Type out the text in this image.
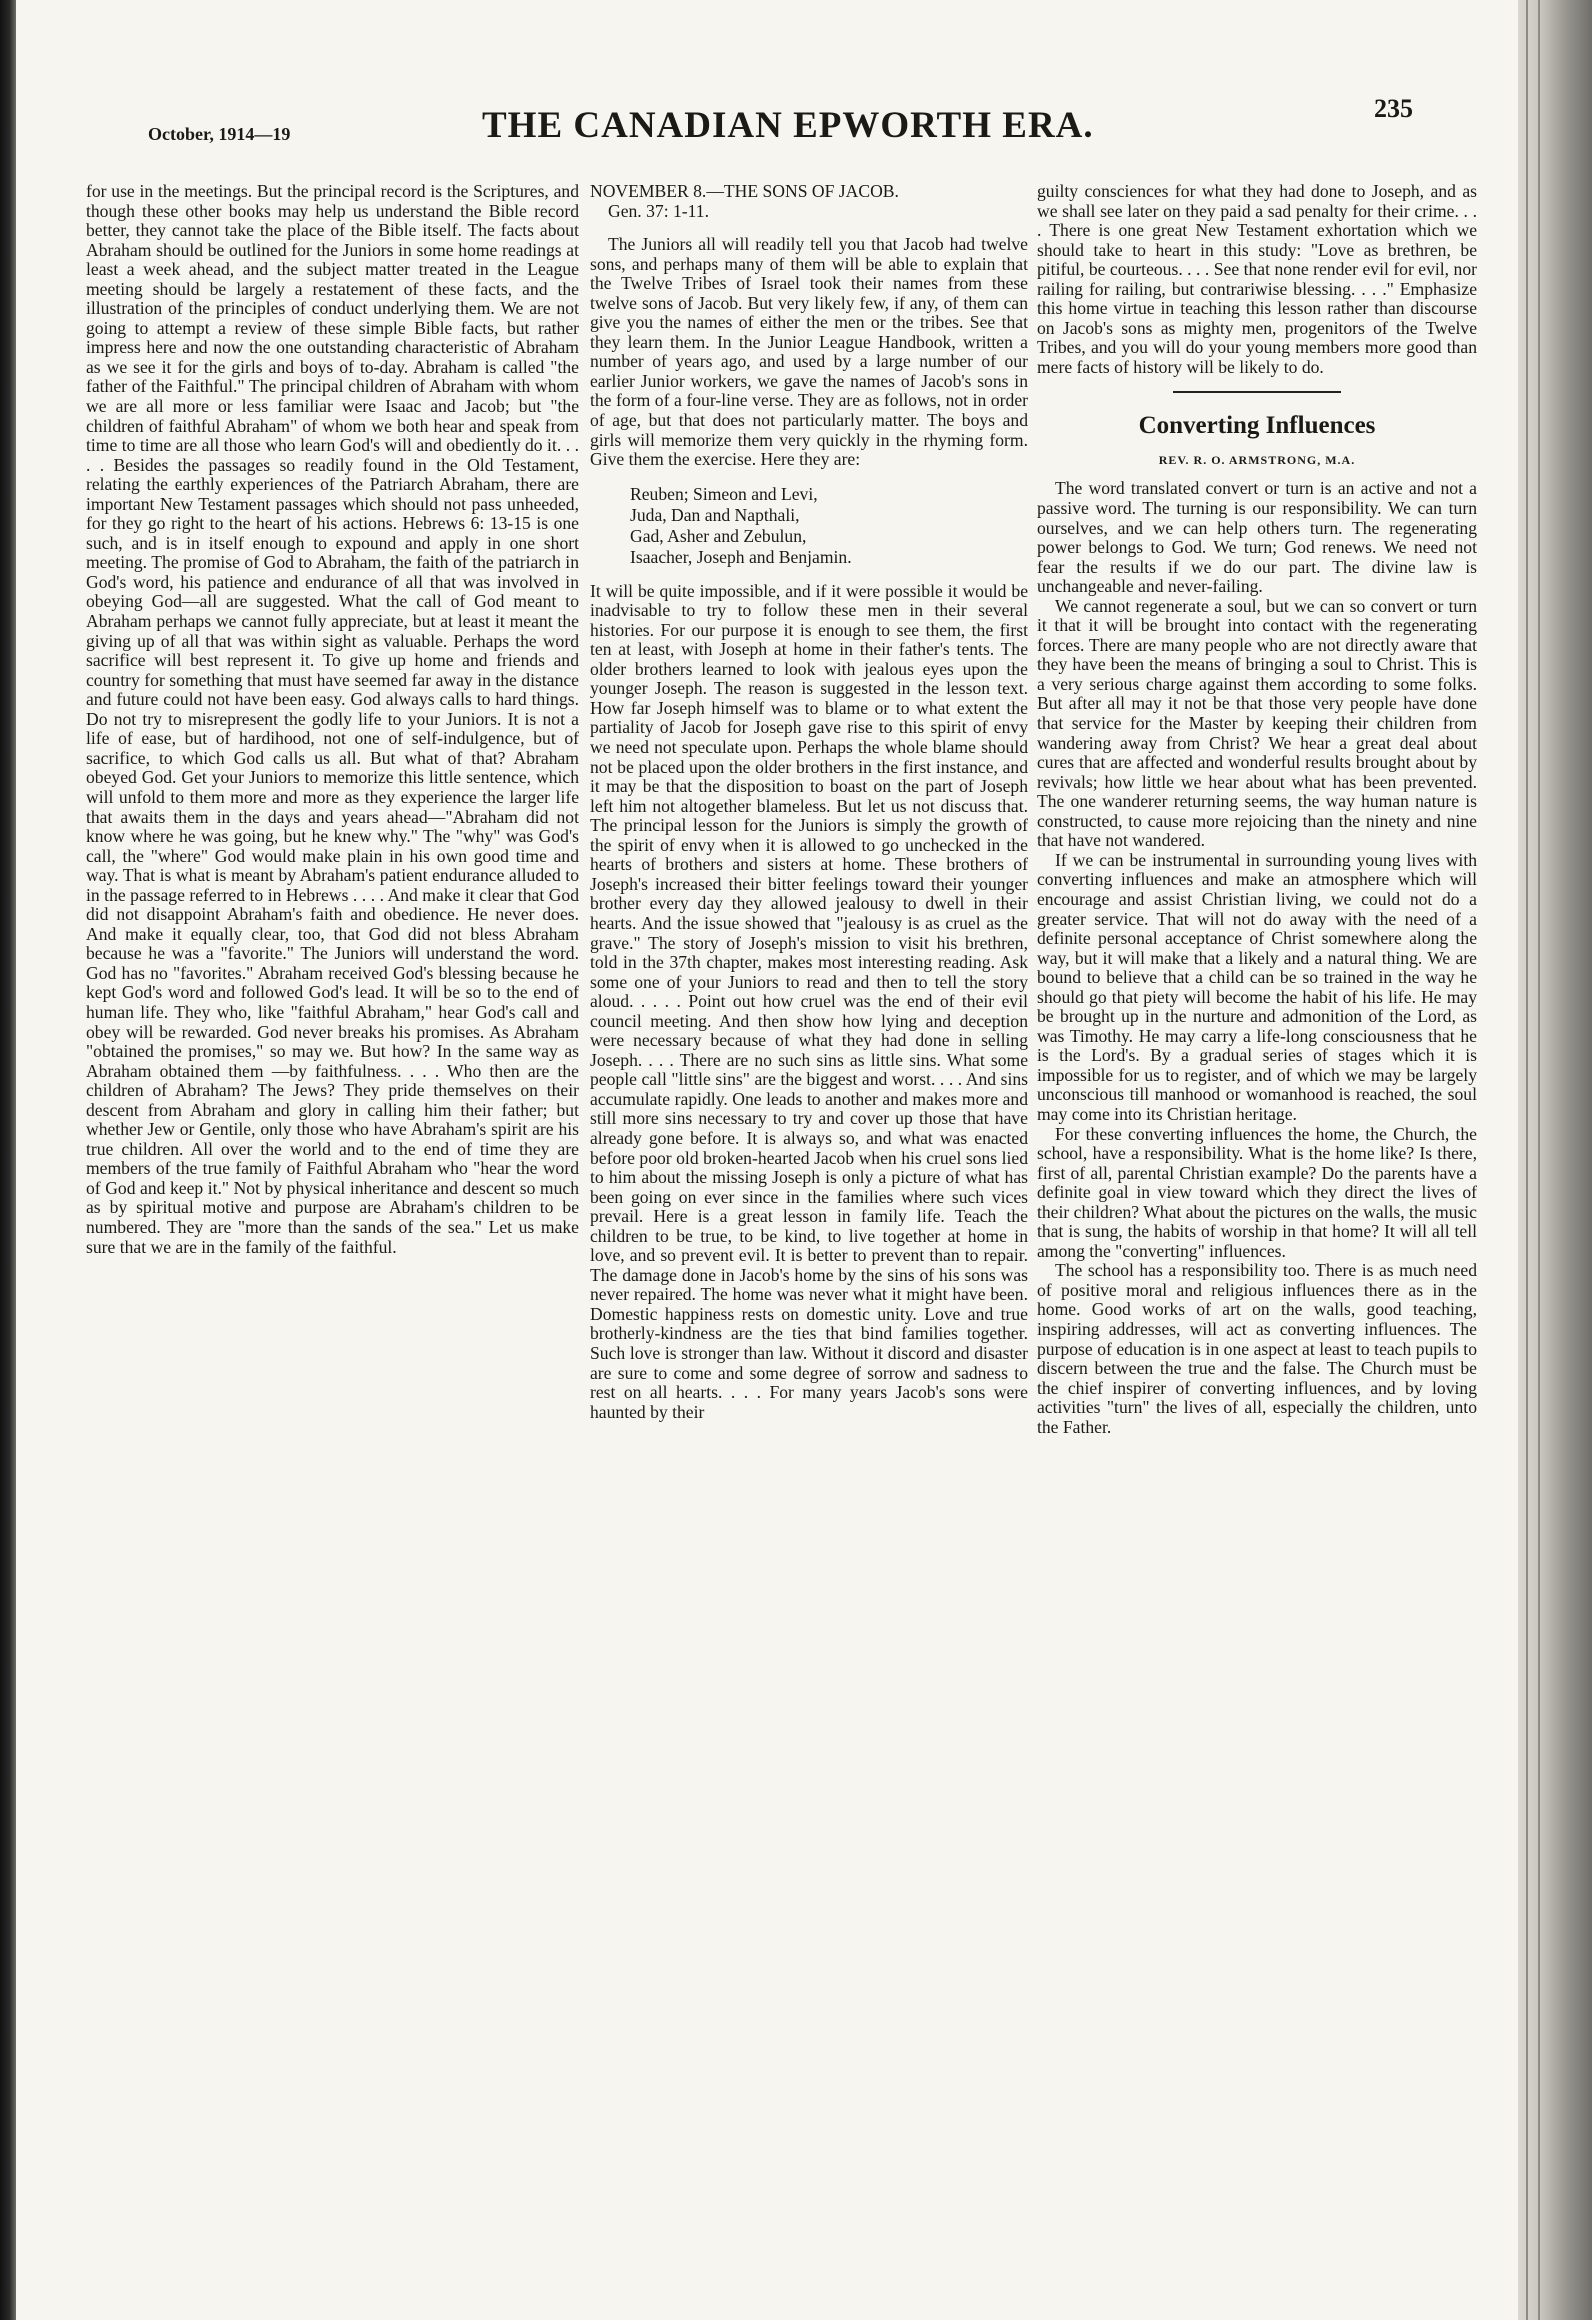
October, 1914—19	THE CANADIAN EPWORTH ERA.	235

for use in the meetings. But the principal record is the Scriptures, and though these other books may help us understand the Bible record better, they cannot take the place of the Bible itself. The facts about Abraham should be outlined for the Juniors in some home readings at least a week ahead, and the subject matter treated in the League meeting should be largely a restatement of these facts, and the illustration of the principles of conduct underlying them. We are not going to attempt a review of these simple Bible facts, but rather impress here and now the one outstanding characteristic of Abraham as we see it for the girls and boys of to-day. Abraham is called "the father of the Faithful." The principal children of Abraham with whom we are all more or less familiar were Isaac and Jacob; but "the children of faithful Abraham" of whom we both hear and speak from time to time are all those who learn God's will and obediently do it. . . . . Besides the passages so readily found in the Old Testament, relating the earthly experiences of the Patriarch Abraham, there are important New Testament passages which should not pass unheeded, for they go right to the heart of his actions. Hebrews 6: 13-15 is one such, and is in itself enough to expound and apply in one short meeting. The promise of God to Abraham, the faith of the patriarch in God's word, his patience and endurance of all that was involved in obeying God—all are suggested. What the call of God meant to Abraham perhaps we cannot fully appreciate, but at least it meant the giving up of all that was within sight as valuable. Perhaps the word sacrifice will best represent it. To give up home and friends and country for something that must have seemed far away in the distance and future could not have been easy. God always calls to hard things. Do not try to misrepresent the godly life to your Juniors. It is not a life of ease, but of hardihood, not one of self-indulgence, but of sacrifice, to which God calls us all. But what of that? Abraham obeyed God. Get your Juniors to memorize this little sentence, which will unfold to them more and more as they experience the larger life that awaits them in the days and years ahead—"Abraham did not know where he was going, but he knew why." The "why" was God's call, the "where" God would make plain in his own good time and way. That is what is meant by Abraham's patient endurance alluded to in the passage referred to in Hebrews . . . . And make it clear that God did not disappoint Abraham's faith and obedience. He never does. And make it equally clear, too, that God did not bless Abraham because he was a "favorite." The Juniors will understand the word. God has no "favorites." Abraham received God's blessing because he kept God's word and followed God's lead. It will be so to the end of human life. They who, like "faithful Abraham," hear God's call and obey will be rewarded. God never breaks his promises. As Abraham "obtained the promises," so may we. But how? In the same way as Abraham obtained them —by faithfulness. . . . Who then are the children of Abraham? The Jews? They pride themselves on their descent from Abraham and glory in calling him their father; but whether Jew or Gentile, only those who have Abraham's spirit are his true children. All over the world and to the end of time they are members of the true family of Faithful Abraham who "hear the word of God and keep it." Not by physical inheritance and descent so much as by spiritual motive and purpose are Abraham's children to be numbered. They are "more than the sands of the sea." Let us make sure that we are in the family of the faithful.

NOVEMBER 8.—THE SONS OF JACOB.
Gen. 37: 1-11.

The Juniors all will readily tell you that Jacob had twelve sons, and perhaps many of them will be able to explain that the Twelve Tribes of Israel took their names from these twelve sons of Jacob. But very likely few, if any, of them can give you the names of either the men or the tribes. See that they learn them. In the Junior League Handbook, written a number of years ago, and used by a large number of our earlier Junior workers, we gave the names of Jacob's sons in the form of a four-line verse. They are as follows, not in order of age, but that does not particularly matter. The boys and girls will memorize them very quickly in the rhyming form. Give them the exercise. Here they are:

Reuben; Simeon and Levi,
Juda, Dan and Napthali,
Gad, Asher and Zebulun,
Isaacher, Joseph and Benjamin.

It will be quite impossible, and if it were possible it would be inadvisable to try to follow these men in their several histories. For our purpose it is enough to see them, the first ten at least, with Joseph at home in their father's tents. The older brothers learned to look with jealous eyes upon the younger Joseph. The reason is suggested in the lesson text. How far Joseph himself was to blame or to what extent the partiality of Jacob for Joseph gave rise to this spirit of envy we need not speculate upon. Perhaps the whole blame should not be placed upon the older brothers in the first instance, and it may be that the disposition to boast on the part of Joseph left him not altogether blameless. But let us not discuss that. The principal lesson for the Juniors is simply the growth of the spirit of envy when it is allowed to go unchecked in the hearts of brothers and sisters at home. These brothers of Joseph's increased their bitter feelings toward their younger brother every day they allowed jealousy to dwell in their hearts. And the issue showed that "jealousy is as cruel as the grave." The story of Joseph's mission to visit his brethren, told in the 37th chapter, makes most interesting reading. Ask some one of your Juniors to read and then to tell the story aloud. . . . . Point out how cruel was the end of their evil council meeting. And then show how lying and deception were necessary because of what they had done in selling Joseph. . . . There are no such sins as little sins. What some people call "little sins" are the biggest and worst. . . . And sins accumulate rapidly. One leads to another and makes more and still more sins necessary to try and cover up those that have already gone before. It is always so, and what was enacted before poor old broken-hearted Jacob when his cruel sons lied to him about the missing Joseph is only a picture of what has been going on ever since in the families where such vices prevail. Here is a great lesson in family life. Teach the children to be true, to be kind, to live together at home in love, and so prevent evil. It is better to prevent than to repair. The damage done in Jacob's home by the sins of his sons was never repaired. The home was never what it might have been. Domestic happiness rests on domestic unity. Love and true brotherly-kindness are the ties that bind families together. Such love is stronger than law. Without it discord and disaster are sure to come and some degree of sorrow and sadness to rest on all hearts. . . . For many years Jacob's sons were haunted by their

guilty consciences for what they had done to Joseph, and as we shall see later on they paid a sad penalty for their crime. . . . There is one great New Testament exhortation which we should take to heart in this study: "Love as brethren, be pitiful, be courteous. . . . See that none render evil for evil, nor railing for railing, but contrariwise blessing. . . ." Emphasize this home virtue in teaching this lesson rather than discourse on Jacob's sons as mighty men, progenitors of the Twelve Tribes, and you will do your young members more good than mere facts of history will be likely to do.

Converting Influences
REV. R. O. ARMSTRONG, M.A.

The word translated convert or turn is an active and not a passive word. The turning is our responsibility. We can turn ourselves, and we can help others turn. The regenerating power belongs to God. We turn; God renews. We need not fear the results if we do our part. The divine law is unchangeable and never-failing.

We cannot regenerate a soul, but we can so convert or turn it that it will be brought into contact with the regenerating forces. There are many people who are not directly aware that they have been the means of bringing a soul to Christ. This is a very serious charge against them according to some folks. But after all may it not be that those very people have done that service for the Master by keeping their children from wandering away from Christ? We hear a great deal about cures that are affected and wonderful results brought about by revivals; how little we hear about what has been prevented. The one wanderer returning seems, the way human nature is constructed, to cause more rejoicing than the ninety and nine that have not wandered.

If we can be instrumental in surrounding young lives with converting influences and make an atmosphere which will encourage and assist Christian living, we could not do a greater service. That will not do away with the need of a definite personal acceptance of Christ somewhere along the way, but it will make that a likely and a natural thing. We are bound to believe that a child can be so trained in the way he should go that piety will become the habit of his life. He may be brought up in the nurture and admonition of the Lord, as was Timothy. He may carry a life-long consciousness that he is the Lord's. By a gradual series of stages which it is impossible for us to register, and of which we may be largely unconscious till manhood or womanhood is reached, the soul may come into its Christian heritage.

For these converting influences the home, the Church, the school, have a responsibility. What is the home like? Is there, first of all, parental Christian example? Do the parents have a definite goal in view toward which they direct the lives of their children? What about the pictures on the walls, the music that is sung, the habits of worship in that home? It will all tell among the "converting" influences.

The school has a responsibility too. There is as much need of positive moral and religious influences there as in the home. Good works of art on the walls, good teaching, inspiring addresses, will act as converting influences. The purpose of education is in one aspect at least to teach pupils to discern between the true and the false. The Church must be the chief inspirer of converting influences, and by loving activities "turn" the lives of all, especially the children, unto the Father.
